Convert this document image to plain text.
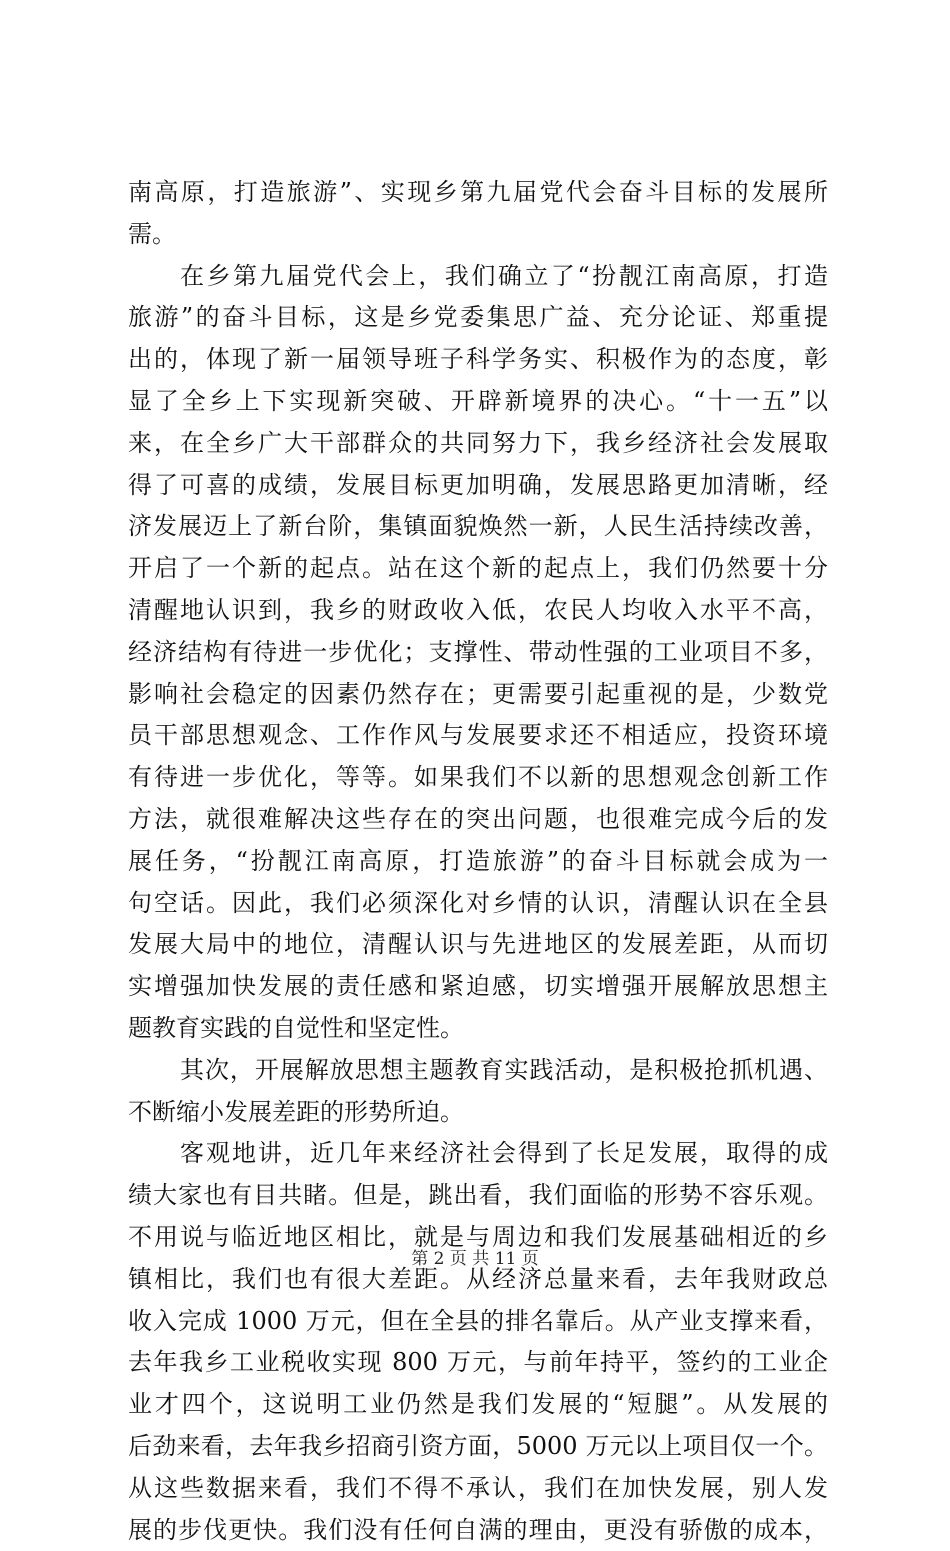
南高原，打造旅游”、实现乡第九届党代会奋斗目标的发展所
需。
在乡第九届党代会上，我们确立了“扮靓江南高原，打造
旅游”的奋斗目标，这是乡党委集思广益、充分论证、郑重提
出的，体现了新一届领导班子科学务实、积极作为的态度，彰
显了全乡上下实现新突破、开辟新境界的决心。“十一五”以
来，在全乡广大干部群众的共同努力下，我乡经济社会发展取
得了可喜的成绩，发展目标更加明确，发展思路更加清晰，经
济发展迈上了新台阶，集镇面貌焕然一新，人民生活持续改善，
开启了一个新的起点。站在这个新的起点上，我们仍然要十分
清醒地认识到，我乡的财政收入低，农民人均收入水平不高，
经济结构有待进一步优化；支撑性、带动性强的工业项目不多，
影响社会稳定的因素仍然存在；更需要引起重视的是，少数党
员干部思想观念、工作作风与发展要求还不相适应，投资环境
有待进一步优化，等等。如果我们不以新的思想观念创新工作
方法，就很难解决这些存在的突出问题，也很难完成今后的发
展任务，“扮靓江南高原，打造旅游”的奋斗目标就会成为一
句空话。因此，我们必须深化对乡情的认识，清醒认识在全县
发展大局中的地位，清醒认识与先进地区的发展差距，从而切
实增强加快发展的责任感和紧迫感，切实增强开展解放思想主
题教育实践的自觉性和坚定性。
其次，开展解放思想主题教育实践活动，是积极抢抓机遇、
不断缩小发展差距的形势所迫。
客观地讲，近几年来经济社会得到了长足发展，取得的成
绩大家也有目共睹。但是，跳出看，我们面临的形势不容乐观。
不用说与临近地区相比，就是与周边和我们发展基础相近的乡
镇相比，我们也有很大差距。从经济总量来看，去年我财政总
收入完成 1000 万元，但在全县的排名靠后。从产业支撑来看，
去年我乡工业税收实现 800 万元，与前年持平，签约的工业企
业才四个，这说明工业仍然是我们发展的“短腿”。从发展的
后劲来看，去年我乡招商引资方面，5000 万元以上项目仅一个。
从这些数据来看，我们不得不承认，我们在加快发展，别人发
展的步伐更快。我们没有任何自满的理由，更没有骄傲的成本，
第 2 页 共 11 页
